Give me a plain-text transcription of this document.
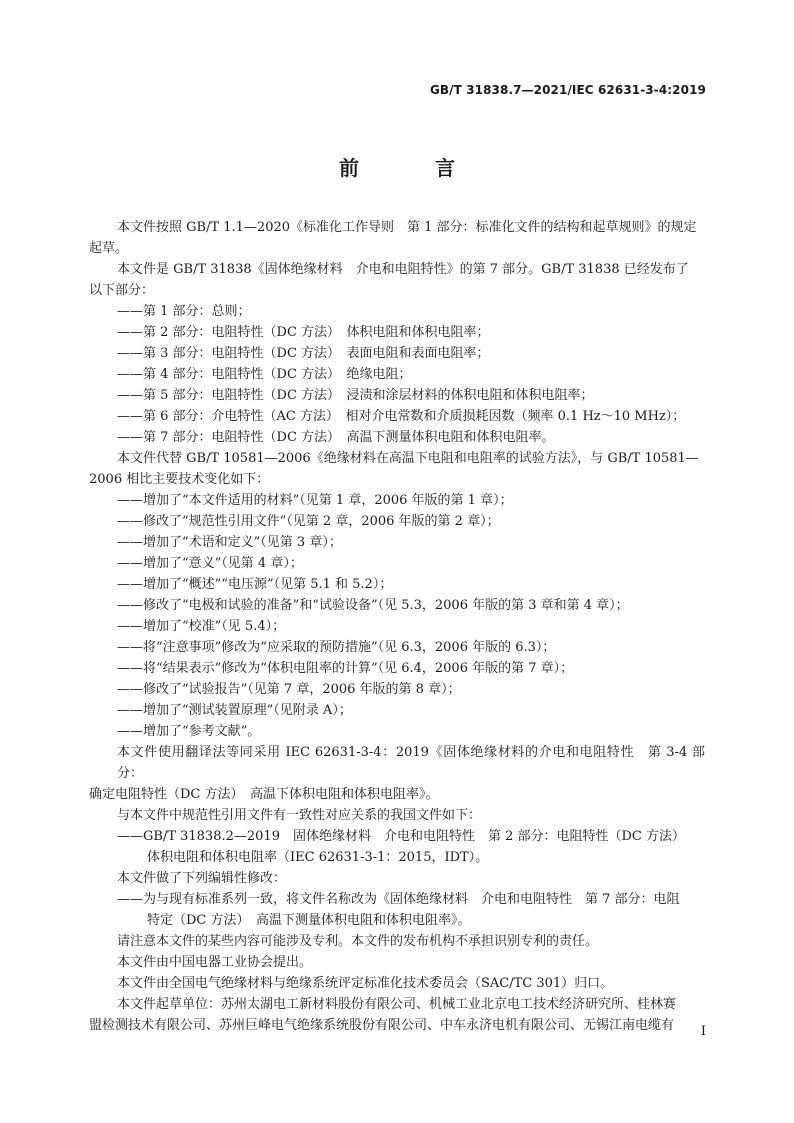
GB/T 31838.7—2021/IEC 62631-3-4:2019
前　言

本文件按照 GB/T 1.1—2020《标准化工作导则　第 1 部分：标准化文件的结构和起草规则》的规定

起草。

本文件是 GB/T 31838《固体绝缘材料　介电和电阻特性》的第 7 部分。GB/T 31838 已经发布了

以下部分：

——第 1 部分：总则；

——第 2 部分：电阻特性（DC 方法）　体积电阻和体积电阻率；

——第 3 部分：电阻特性（DC 方法）　表面电阻和表面电阻率；

——第 4 部分：电阻特性（DC 方法）　绝缘电阻；

——第 5 部分：电阻特性（DC 方法）　浸渍和涂层材料的体积电阻和体积电阻率；

——第 6 部分：介电特性（AC 方法）　相对介电常数和介质损耗因数（频率 0.1 Hz～10 MHz）；

——第 7 部分：电阻特性（DC 方法）　高温下测量体积电阻和体积电阻率。

本文件代替 GB/T 10581—2006《绝缘材料在高温下电阻和电阻率的试验方法》，与 GB/T 10581—

2006 相比主要技术变化如下：

——增加了“本文件适用的材料”（见第 1 章，2006 年版的第 1 章）；

——修改了“规范性引用文件”（见第 2 章，2006 年版的第 2 章）；

——增加了“术语和定义”（见第 3 章）；

——增加了“意义”（见第 4 章）；

——增加了“概述”“电压源”（见第 5.1 和 5.2）；

——修改了“电极和试验的准备”和“试验设备”（见 5.3，2006 年版的第 3 章和第 4 章）；

——增加了“校准”（见 5.4）；

——将“注意事项”修改为“应采取的预防措施”（见 6.3，2006 年版的 6.3）；

——将“结果表示”修改为“体积电阻率的计算”（见 6.4，2006 年版的第 7 章）；

——修改了“试验报告”（见第 7 章，2006 年版的第 8 章）；

——增加了“测试装置原理”（见附录 A）；

——增加了“参考文献”。

本文件使用翻译法等同采用 IEC 62631-3-4：2019《固体绝缘材料的介电和电阻特性　第 3-4 部分：

确定电阻特性（DC 方法）　高温下体积电阻和体积电阻率》。

与本文件中规范性引用文件有一致性对应关系的我国文件如下：

——GB/T 31838.2—2019　固体绝缘材料　介电和电阻特性　第 2 部分：电阻特性（DC 方法）

体积电阻和体积电阻率（IEC 62631-3-1：2015，IDT）。

本文件做了下列编辑性修改：

——为与现有标准系列一致，将文件名称改为《固体绝缘材料　介电和电阻特性　第 7 部分：电阻

特定（DC 方法）　高温下测量体积电阻和体积电阻率》。

请注意本文件的某些内容可能涉及专利。本文件的发布机构不承担识别专利的责任。

本文件由中国电器工业协会提出。

本文件由全国电气绝缘材料与绝缘系统评定标准化技术委员会（SAC/TC 301）归口。

本文件起草单位：苏州太湖电工新材料股份有限公司、机械工业北京电工技术经济研究所、桂林赛

盟检测技术有限公司、苏州巨峰电气绝缘系统股份有限公司、中车永济电机有限公司、无锡江南电缆有	I
